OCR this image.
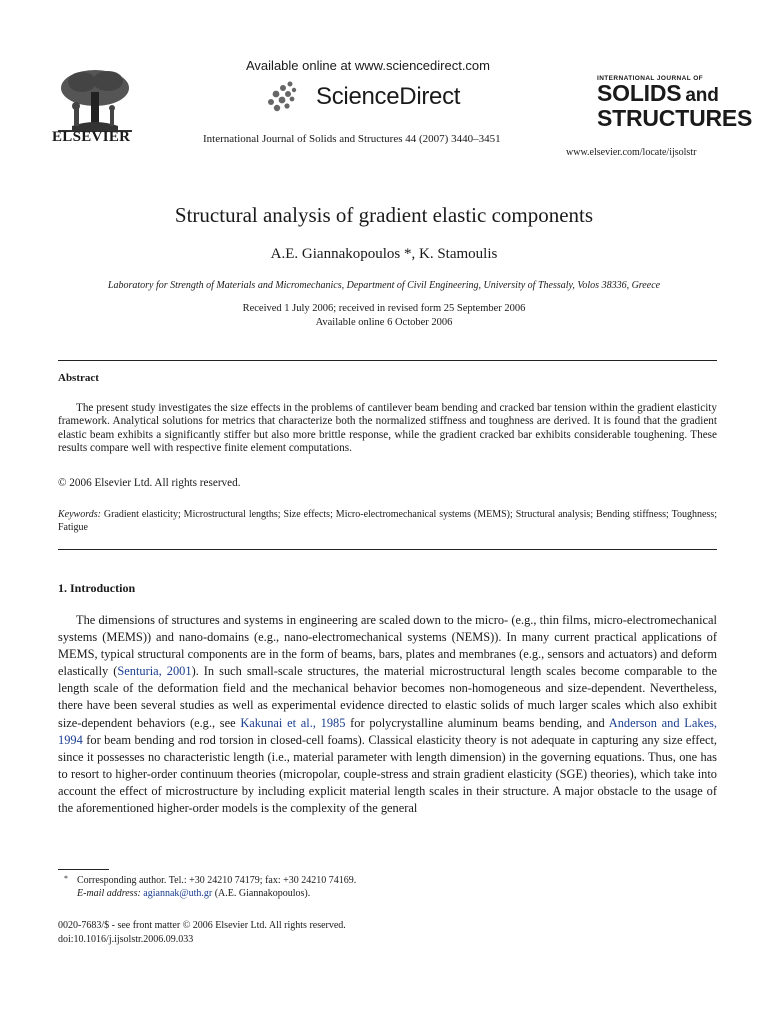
ELSEVIER
Available online at www.sciencedirect.com
ScienceDirect
International Journal of Solids and Structures 44 (2007) 3440–3451
INTERNATIONAL JOURNAL OF
SOLIDS and
STRUCTURES
www.elsevier.com/locate/ijsolstr
Structural analysis of gradient elastic components
A.E. Giannakopoulos *, K. Stamoulis
Laboratory for Strength of Materials and Micromechanics, Department of Civil Engineering, University of Thessaly, Volos 38336, Greece
Received 1 July 2006; received in revised form 25 September 2006
Available online 6 October 2006
Abstract
The present study investigates the size effects in the problems of cantilever beam bending and cracked bar tension within the gradient elasticity framework. Analytical solutions for metrics that characterize both the normalized stiffness and toughness are derived. It is found that the gradient elastic beam exhibits a significantly stiffer but also more brittle response, while the gradient cracked bar exhibits considerable toughening. These results compare well with respective finite element computations.
© 2006 Elsevier Ltd. All rights reserved.
Keywords: Gradient elasticity; Microstructural lengths; Size effects; Micro-electromechanical systems (MEMS); Structural analysis; Bending stiffness; Toughness; Fatigue
1. Introduction
The dimensions of structures and systems in engineering are scaled down to the micro- (e.g., thin films, micro-electromechanical systems (MEMS)) and nano-domains (e.g., nano-electromechanical systems (NEMS)). In many current practical applications of MEMS, typical structural components are in the form of beams, bars, plates and membranes (e.g., sensors and actuators) and deform elastically (Senturia, 2001). In such small-scale structures, the material microstructural length scales become comparable to the length scale of the deformation field and the mechanical behavior becomes non-homogeneous and size-dependent. Nevertheless, there have been several studies as well as experimental evidence directed to elastic solids of much larger scales which also exhibit size-dependent behaviors (e.g., see Kakunai et al., 1985 for polycrystalline aluminum beams bending, and Anderson and Lakes, 1994 for beam bending and rod torsion in closed-cell foams). Classical elasticity theory is not adequate in capturing any size effect, since it possesses no characteristic length (i.e., material parameter with length dimension) in the governing equations. Thus, one has to resort to higher-order continuum theories (micropolar, couple-stress and strain gradient elasticity (SGE) theories), which take into account the effect of microstructure by including explicit material length scales in their structure. A major obstacle to the usage of the aforementioned higher-order models is the complexity of the general
* Corresponding author. Tel.: +30 24210 74179; fax: +30 24210 74169.
E-mail address: agiannak@uth.gr (A.E. Giannakopoulos).
0020-7683/$ - see front matter © 2006 Elsevier Ltd. All rights reserved.
doi:10.1016/j.ijsolstr.2006.09.033
